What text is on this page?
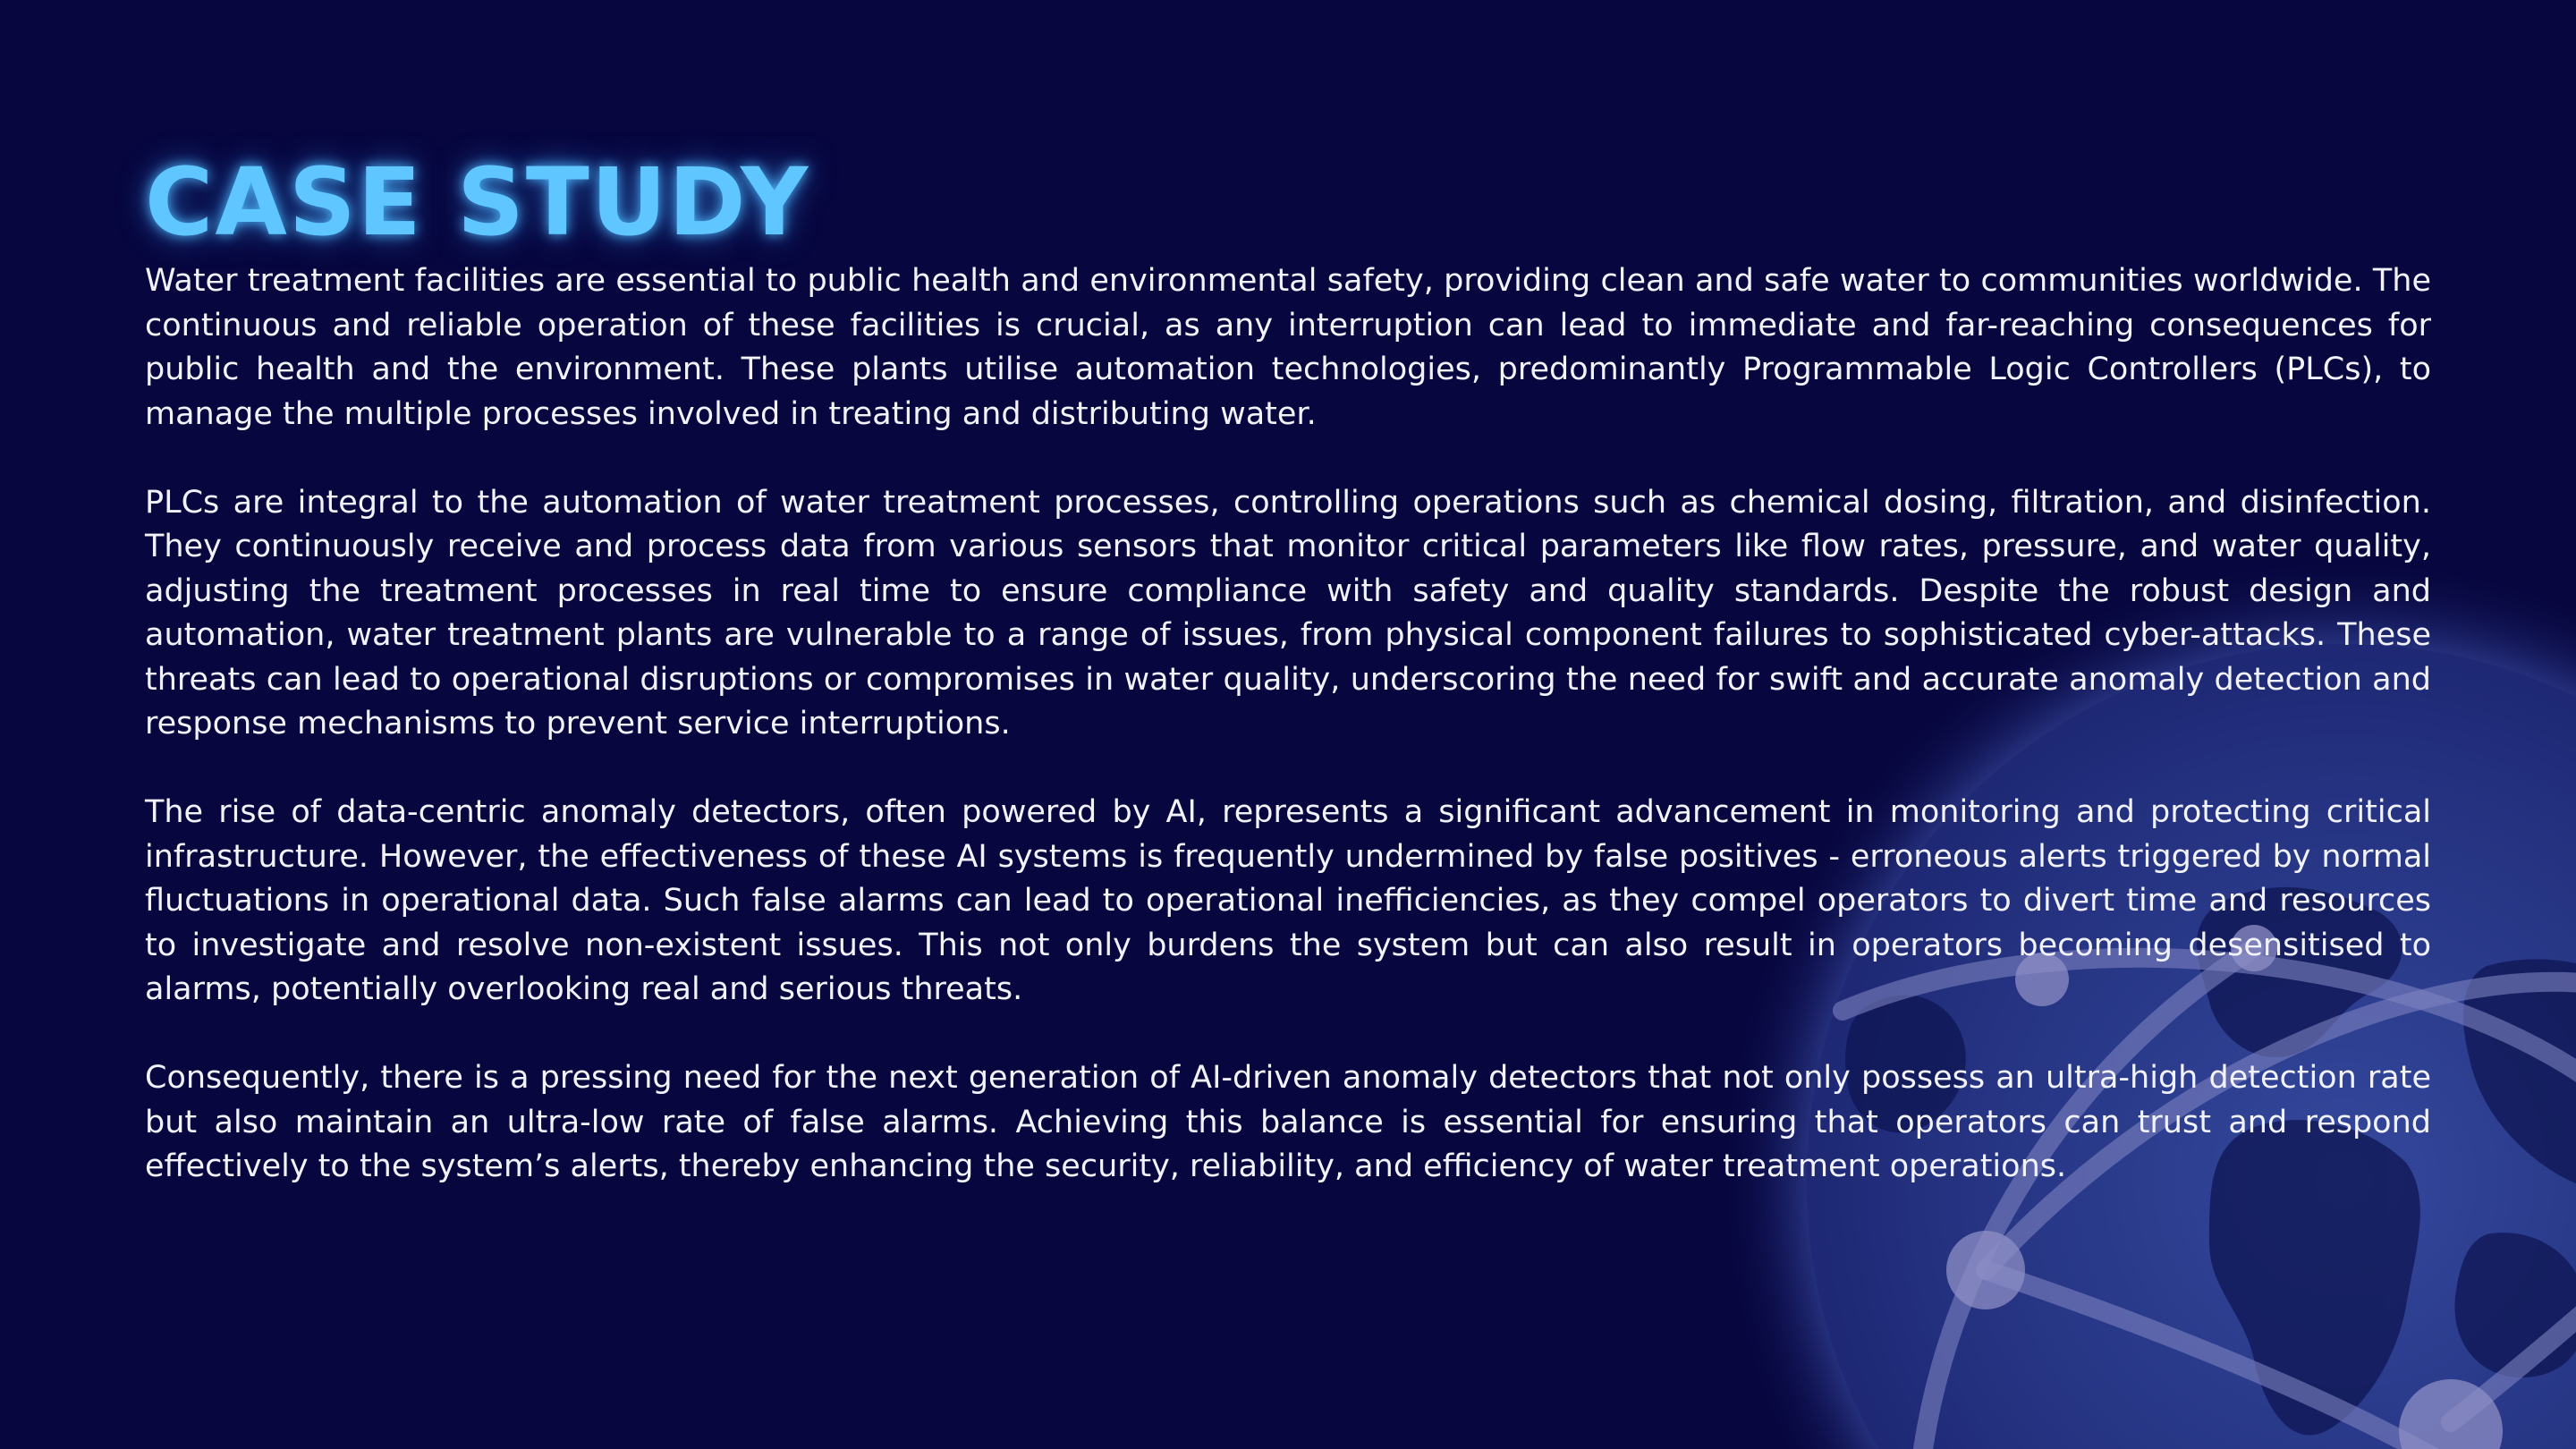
CASE STUDY

Water treatment facilities are essential to public health and environmental safety, providing clean and safe water to communities worldwide. The continuous and reliable operation of these facilities is crucial, as any interruption can lead to immediate and far-reaching consequences for public health and the environment. These plants utilise automation technologies, predominantly Programmable Logic Controllers (PLCs), to manage the multiple processes involved in treating and distributing water.

PLCs are integral to the automation of water treatment processes, controlling operations such as chemical dosing, filtration, and disinfection. They continuously receive and process data from various sensors that monitor critical parameters like flow rates, pressure, and water quality, adjusting the treatment processes in real time to ensure compliance with safety and quality standards. Despite the robust design and automation, water treatment plants are vulnerable to a range of issues, from physical component failures to sophisticated cyber-attacks. These threats can lead to operational disruptions or compromises in water quality, underscoring the need for swift and accurate anomaly detection and response mechanisms to prevent service interruptions.

The rise of data-centric anomaly detectors, often powered by AI, represents a significant advancement in monitoring and protecting critical infrastructure. However, the effectiveness of these AI systems is frequently undermined by false positives - erroneous alerts triggered by normal fluctuations in operational data. Such false alarms can lead to operational inefficiencies, as they compel operators to divert time and resources to investigate and resolve non-existent issues. This not only burdens the system but can also result in operators becoming desensitised to alarms, potentially overlooking real and serious threats.

Consequently, there is a pressing need for the next generation of AI-driven anomaly detectors that not only possess an ultra-high detection rate but also maintain an ultra-low rate of false alarms. Achieving this balance is essential for ensuring that operators can trust and respond effectively to the system’s alerts, thereby enhancing the security, reliability, and efficiency of water treatment operations.
